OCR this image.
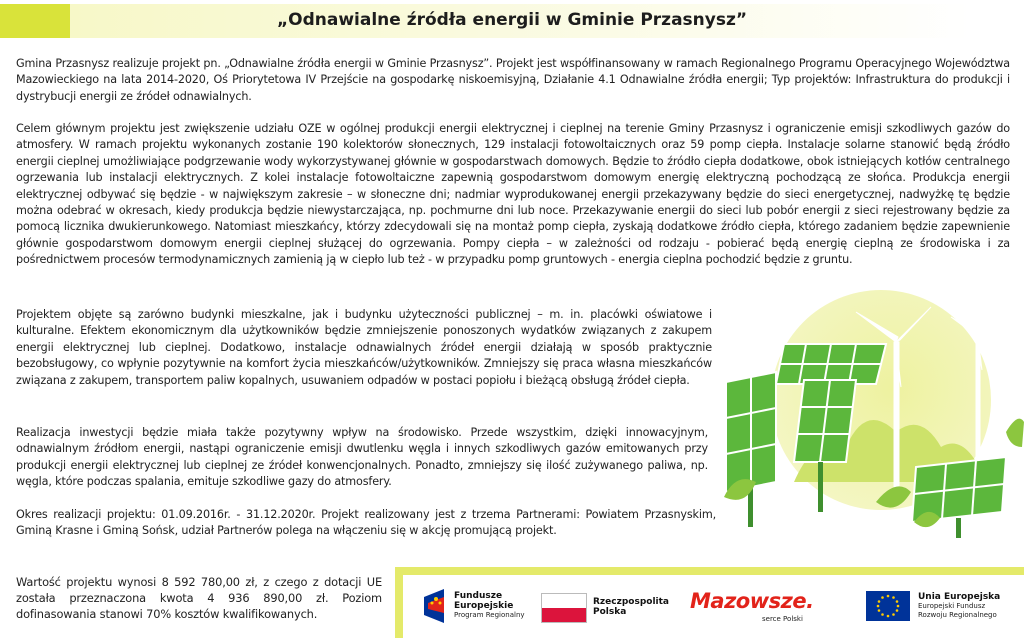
„Odnawialne źródła energii w Gminie Przasnysz”

Gmina Przasnysz realizuje projekt pn. „Odnawialne źródła energii w Gminie Przasnysz”. Projekt jest współfinansowany w ramach Regionalnego Programu Operacyjnego Województwa Mazowieckiego na lata 2014-2020, Oś Priorytetowa IV Przejście na gospodarkę niskoemisyjną, Działanie 4.1 Odnawialne źródła energii; Typ projektów: Infrastruktura do produkcji i dystrybucji energii ze źródeł odnawialnych.

Celem głównym projektu jest zwiększenie udziału OZE w ogólnej produkcji energii elektrycznej i cieplnej na terenie Gminy Przasnysz i ograniczenie emisji szkodliwych gazów do atmosfery. W ramach projektu wykonanych zostanie 190 kolektorów słonecznych, 129 instalacji fotowoltaicznych oraz 59 pomp ciepła. Instalacje solarne stanowić będą źródło energii cieplnej umożliwiające podgrzewanie wody wykorzystywanej głównie w gospodarstwach domowych. Będzie to źródło ciepła dodatkowe, obok istniejących kotłów centralnego ogrzewania lub instalacji elektrycznych. Z kolei instalacje fotowoltaiczne zapewnią gospodarstwom domowym energię elektryczną pochodzącą ze słońca. Produkcja energii elektrycznej odbywać się będzie - w największym zakresie – w słoneczne dni; nadmiar wyprodukowanej energii przekazywany będzie do sieci energetycznej, nadwyżkę tę będzie można odebrać w okresach, kiedy produkcja będzie niewystarczająca, np. pochmurne dni lub noce. Przekazywanie energii do sieci lub pobór energii z sieci rejestrowany będzie za pomocą licznika dwukierunkowego. Natomiast mieszkańcy, którzy zdecydowali się na montaż pomp ciepła, zyskają dodatkowe źródło ciepła, którego zadaniem będzie zapewnienie głównie gospodarstwom domowym energii cieplnej służącej do ogrzewania. Pompy ciepła – w zależności od rodzaju - pobierać będą energię cieplną ze środowiska i za pośrednictwem procesów termodynamicznych zamienią ją w ciepło lub też - w przypadku pomp gruntowych - energia cieplna pochodzić będzie z gruntu.

Projektem objęte są zarówno budynki mieszkalne, jak i budynku użyteczności publicznej – m. in. placówki oświatowe i kulturalne. Efektem ekonomicznym dla użytkowników będzie zmniejszenie ponoszonych wydatków związanych z zakupem energii elektrycznej lub cieplnej. Dodatkowo, instalacje odnawialnych źródeł energii działają w sposób praktycznie bezobsługowy, co wpłynie pozytywnie na komfort życia mieszkańców/użytkowników. Zmniejszy się praca własna mieszkańców związana z zakupem, transportem paliw kopalnych, usuwaniem odpadów w postaci popiołu i bieżącą obsługą źródeł ciepła.

Realizacja inwestycji będzie miała także pozytywny wpływ na środowisko. Przede wszystkim, dzięki innowacyjnym, odnawialnym źródłom energii, nastąpi ograniczenie emisji dwutlenku węgla i innych szkodliwych gazów emitowanych przy produkcji energii elektrycznej lub cieplnej ze źródeł konwencjonalnych. Ponadto, zmniejszy się ilość zużywanego paliwa, np. węgla, które podczas spalania, emituje szkodliwe gazy do atmosfery.

Okres realizacji projektu: 01.09.2016r. - 31.12.2020r. Projekt realizowany jest z trzema Partnerami: Powiatem Przasnyskim, Gminą Krasne i Gminą Sońsk, udział Partnerów polega na włączeniu się w akcję promującą projekt.

Wartość projektu wynosi 8 592 780,00 zł, z czego z dotacji UE została przeznaczona kwota 4 936 890,00 zł. Poziom dofinasowania stanowi 70% kosztów kwalifikowanych.

Fundusze
Europejskie
Program Regionalny
Rzeczpospolita
Polska	Mazowsze.
serce Polski
Unia Europejska
Europejski Fundusz
Rozwoju Regionalnego
